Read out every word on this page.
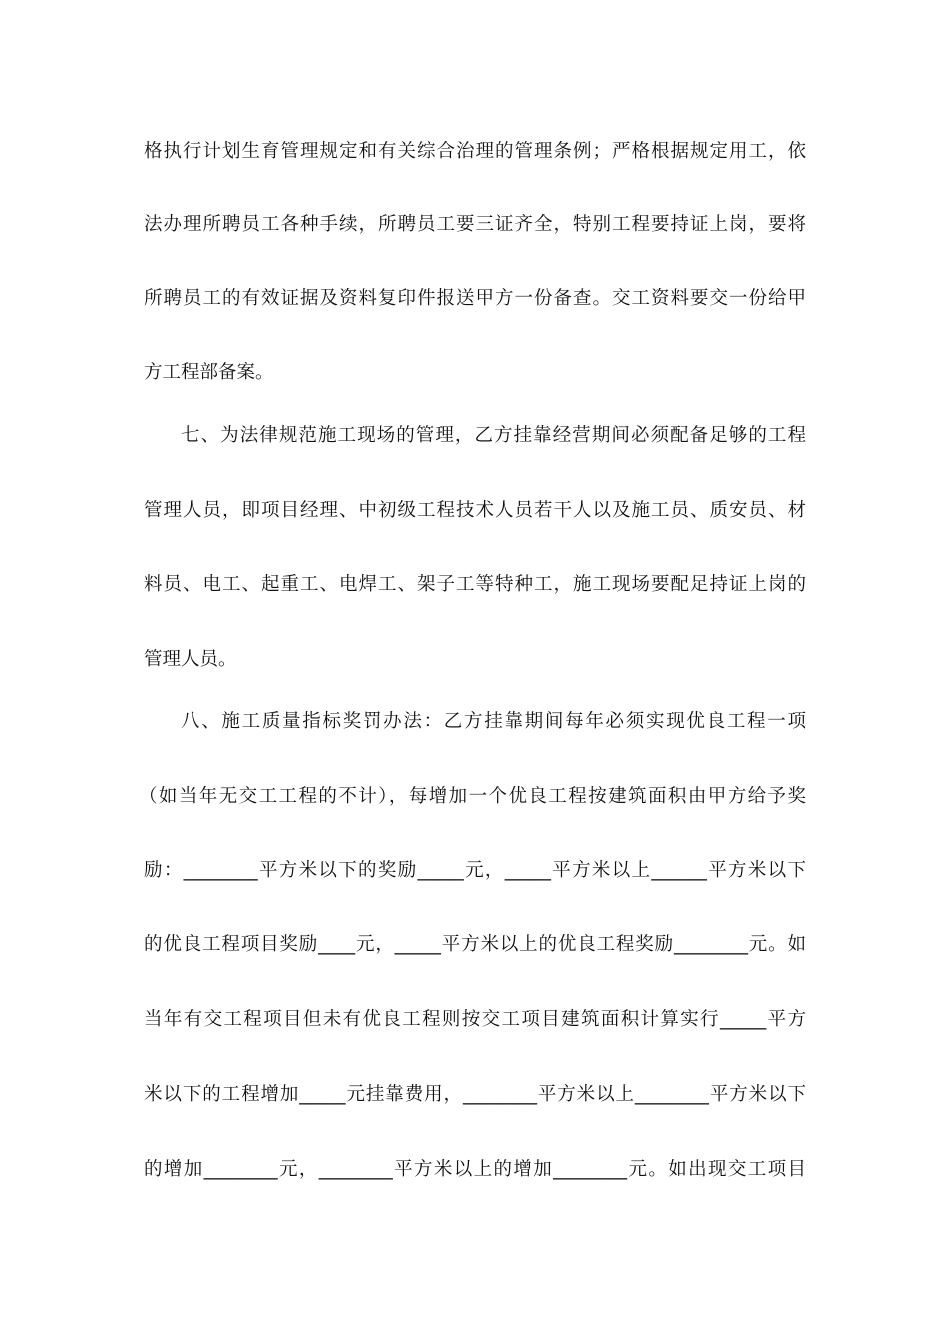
格执行计划生育管理规定和有关综合治理的管理条例；严格根据规定用工，依
法办理所聘员工各种手续，所聘员工要三证齐全，特别工程要持证上岗，要将
所聘员工的有效证据及资料复印件报送甲方一份备查。交工资料要交一份给甲
方工程部备案。
七、为法律规范施工现场的管理，乙方挂靠经营期间必须配备足够的工程
管理人员，即项目经理、中初级工程技术人员若干人以及施工员、质安员、材
料员、电工、起重工、电焊工、架子工等特种工，施工现场要配足持证上岗的
管理人员。
八、施工质量指标奖罚办法：乙方挂靠期间每年必须实现优良工程一项
（如当年无交工工程的不计），每增加一个优良工程按建筑面积由甲方给予奖
励：________平方米以下的奖励_____元，_____平方米以上______平方米以下
的优良工程项目奖励____元，_____平方米以上的优良工程奖励________元。如
当年有交工程项目但未有优良工程则按交工项目建筑面积计算实行_____平方
米以下的工程增加_____元挂靠费用，________平方米以上________平方米以下
的增加________元，________平方米以上的增加________元。如出现交工项目
